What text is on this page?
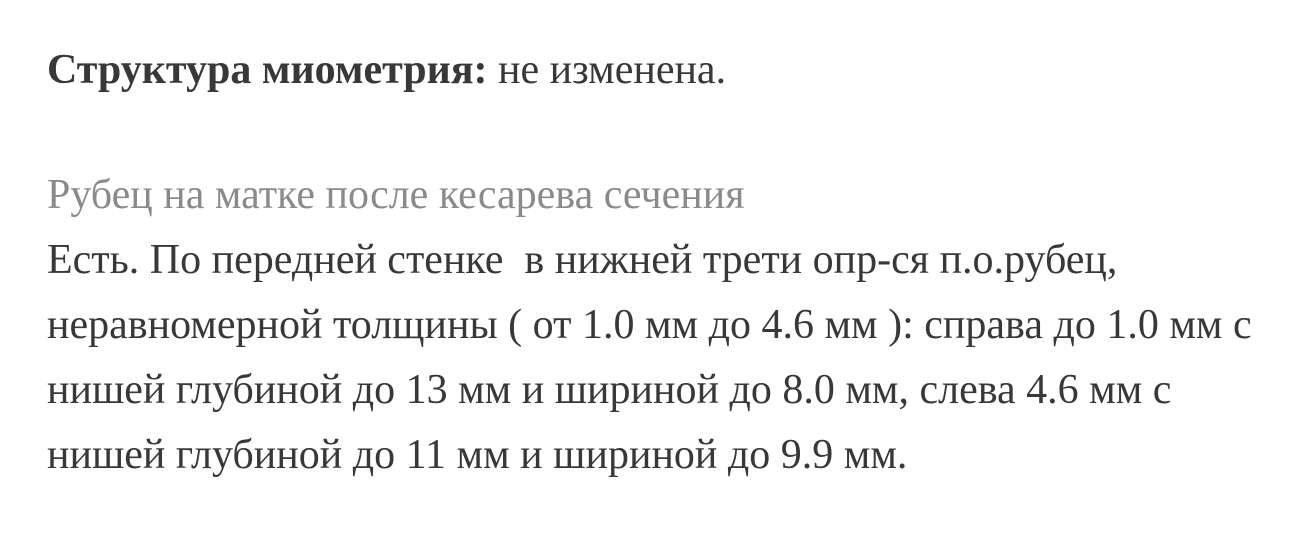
Структура миометрия: не изменена.

Рубец на матке после кесарева сечения

Есть. По передней стенке  в нижней трети опр-ся п.о.рубец,
неравномерной толщины ( от 1.0 мм до 4.6 мм ): справа до 1.0 мм с
нишей глубиной до 13 мм и шириной до 8.0 мм, слева 4.6 мм с
нишей глубиной до 11 мм и шириной до 9.9 мм.
